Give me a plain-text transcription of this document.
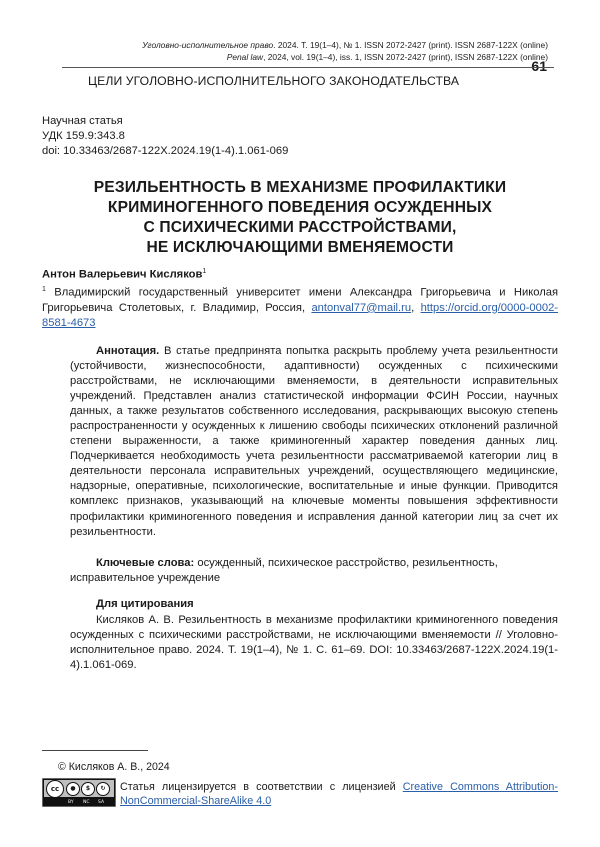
Уголовно-исполнительное право. 2024. Т. 19(1–4), № 1. ISSN 2072-2427 (print). ISSN 2687-122X (online)
Penal law, 2024, vol. 19(1–4), iss. 1, ISSN 2072-2427 (print), ISSN 2687-122X (online)
61
ЦЕЛИ УГОЛОВНО-ИСПОЛНИТЕЛЬНОГО ЗАКОНОДАТЕЛЬСТВА
Научная статья
УДК 159.9:343.8
doi: 10.33463/2687-122X.2024.19(1-4).1.061-069
РЕЗИЛЬЕНТНОСТЬ В МЕХАНИЗМЕ ПРОФИЛАКТИКИ
КРИМИНОГЕННОГО ПОВЕДЕНИЯ ОСУЖДЕННЫХ
С ПСИХИЧЕСКИМИ РАССТРОЙСТВАМИ,
НЕ ИСКЛЮЧАЮЩИМИ ВМЕНЯЕМОСТИ
Антон Валерьевич Кисляков1
1 Владимирский государственный университет имени Александра Григорьевича и Николая Григорьевича Столетовых, г. Владимир, Россия, antonval77@mail.ru, https://orcid.org/0000-0002-8581-4673

Аннотация. В статье предпринята попытка раскрыть проблему учета резильентности (устойчивости, жизнеспособности, адаптивности) осужденных с психическими расстройствами, не исключающими вменяемости, в деятельности исправительных учреждений. Представлен анализ статистической информации ФСИН России, научных данных, а также результатов собственного исследования, раскрывающих высокую степень распространенности у осужденных к лишению свободы психических отклонений различной степени выраженности, а также криминогенный характер поведения данных лиц. Подчеркивается необходимость учета резильентности рассматриваемой категории лиц в деятельности персонала исправительных учреждений, осуществляющего медицинские, надзорные, оперативные, психологические, воспитательные и иные функции. Приводится комплекс признаков, указывающий на ключевые моменты повышения эффективности профилактики криминогенного поведения и исправления данной категории лиц за счет их резильентности.

Ключевые слова: осужденный, психическое расстройство, резильентность, исправительное учреждение

Для цитирования

Кисляков А. В. Резильентность в механизме профилактики криминогенного поведения осужденных с психическими расстройствами, не исключающими вменяемости // Уголовно-исполнительное право. 2024. Т. 19(1–4), № 1. С. 61–69. DOI: 10.33463/2687-122X.2024.19(1-4).1.061-069.

© Кисляков А. В., 2024
cc	●	$	↻
BY NC SA
Статья лицензируется в соответствии с лицензией Creative Commons Attribution-NonCommercial-ShareAlike 4.0
